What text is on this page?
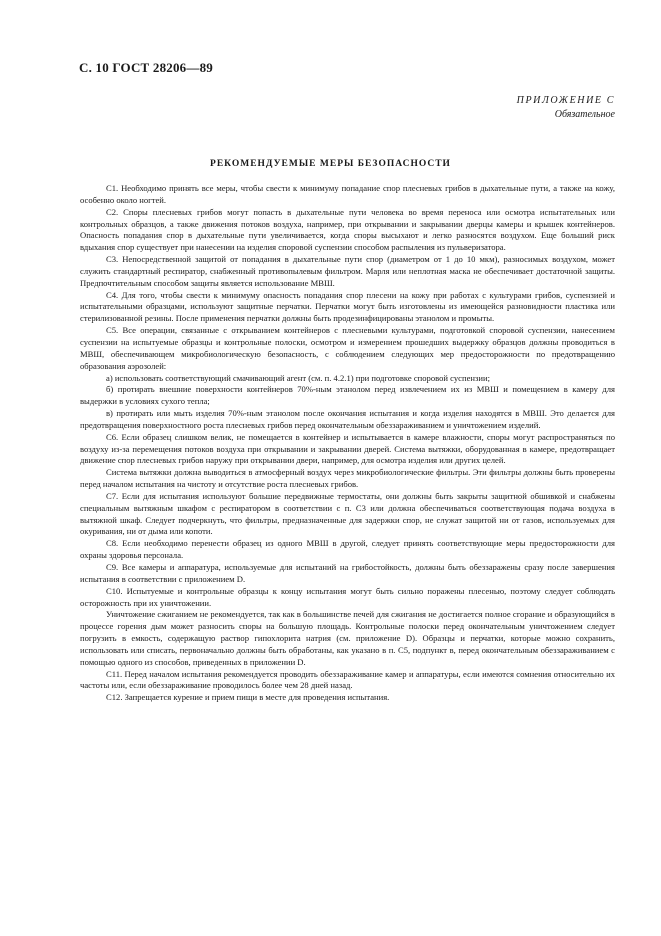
С. 10 ГОСТ 28206—89
ПРИЛОЖЕНИЕ С
Обязательное
РЕКОМЕНДУЕМЫЕ МЕРЫ БЕЗОПАСНОСТИ

С1. Необходимо принять все меры, чтобы свести к минимуму попадание спор плесневых грибов в дыхательные пути, а также на кожу, особенно около ногтей.

С2. Споры плесневых грибов могут попасть в дыхательные пути человека во время переноса или осмотра испытательных или контрольных образцов, а также движения потоков воздуха, например, при открывании и закрывании дверцы камеры и крышек контейнеров. Опасность попадания спор в дыхательные пути увеличивается, когда споры высыхают и легко разносятся воздухом. Еще больший риск вдыхания спор существует при нанесении на изделия споровой суспензии способом распыления из пульверизатора.

С3. Непосредственной защитой от попадания в дыхательные пути спор (диаметром от 1 до 10 мкм), разносимых воздухом, может служить стандартный респиратор, снабженный противопылевым фильтром. Марля или неплотная маска не обеспечивает достаточной защиты. Предпочтительным способом защиты является использование МВШ.

С4. Для того, чтобы свести к минимуму опасность попадания спор плесени на кожу при работах с культурами грибов, суспензией и испытательными образцами, используют защитные перчатки. Перчатки могут быть изготовлены из имеющейся разновидности пластика или стерилизованной резины. После применения перчатки должны быть продезинфицированы этанолом и промыты.

С5. Все операции, связанные с открыванием контейнеров с плесневыми культурами, подготовкой споровой суспензии, нанесением суспензии на испытуемые образцы и контрольные полоски, осмотром и измерением прошедших выдержку образцов должны проводиться в МВШ, обеспечивающем микробиологическую безопасность, с соблюдением следующих мер предосторожности по предотвращению образования аэрозолей:

а) использовать соответствующий смачивающий агент (см. п. 4.2.1) при подготовке споровой суспензии;

б) протирать внешние поверхности контейнеров 70%-ным этанолом перед извлечением их из МВШ и помещением в камеру для выдержки в условиях сухого тепла;

в) протирать или мыть изделия 70%-ным этанолом после окончания испытания и когда изделия находятся в МВШ. Это делается для предотвращения поверхностного роста плесневых грибов перед окончательным обеззараживанием и уничтожением изделий.

С6. Если образец слишком велик, не помещается в контейнер и испытывается в камере влажности, споры могут распространяться по воздуху из-за перемещения потоков воздуха при открывании и закрывании дверей. Система вытяжки, оборудованная в камере, предотвращает движение спор плесневых грибов наружу при открывании двери, например, для осмотра изделия или других целей.

Система вытяжки должна выводиться в атмосферный воздух через микробиологические фильтры. Эти фильтры должны быть проверены перед началом испытания на чистоту и отсутствие роста плесневых грибов.

С7. Если для испытания используют большие передвижные термостаты, они должны быть закрыты защитной обшивкой и снабжены специальным вытяжным шкафом с респиратором в соответствии с п. С3 или должна обеспечиваться соответствующая подача воздуха в вытяжной шкаф. Следует подчеркнуть, что фильтры, предназначенные для задержки спор, не служат защитой ни от газов, используемых для окуривания, ни от дыма или копоти.

С8. Если необходимо перенести образец из одного МВШ в другой, следует принять соответствующие меры предосторожности для охраны здоровья персонала.

С9. Все камеры и аппаратура, используемые для испытаний на грибостойкость, должны быть обеззаражены сразу после завершения испытания в соответствии с приложением D.

С10. Испытуемые и контрольные образцы к концу испытания могут быть сильно поражены плесенью, поэтому следует соблюдать осторожность при их уничтожении.

Уничтожение сжиганием не рекомендуется, так как в большинстве печей для сжигания не достигается полное сгорание и образующийся в процессе горения дым может разносить споры на большую площадь. Контрольные полоски перед окончательным уничтожением следует погрузить в емкость, содержащую раствор гипохлорита натрия (см. приложение D). Образцы и перчатки, которые можно сохранить, использовать или списать, первоначально должны быть обработаны, как указано в п. С5, подпункт в, перед окончательным обеззараживанием с помощью одного из способов, приведенных в приложении D.

С11. Перед началом испытания рекомендуется проводить обеззараживание камер и аппаратуры, если имеются сомнения относительно их частоты или, если обеззараживание проводилось более чем 28 дней назад.

С12. Запрещается курение и прием пищи в месте для проведения испытания.
